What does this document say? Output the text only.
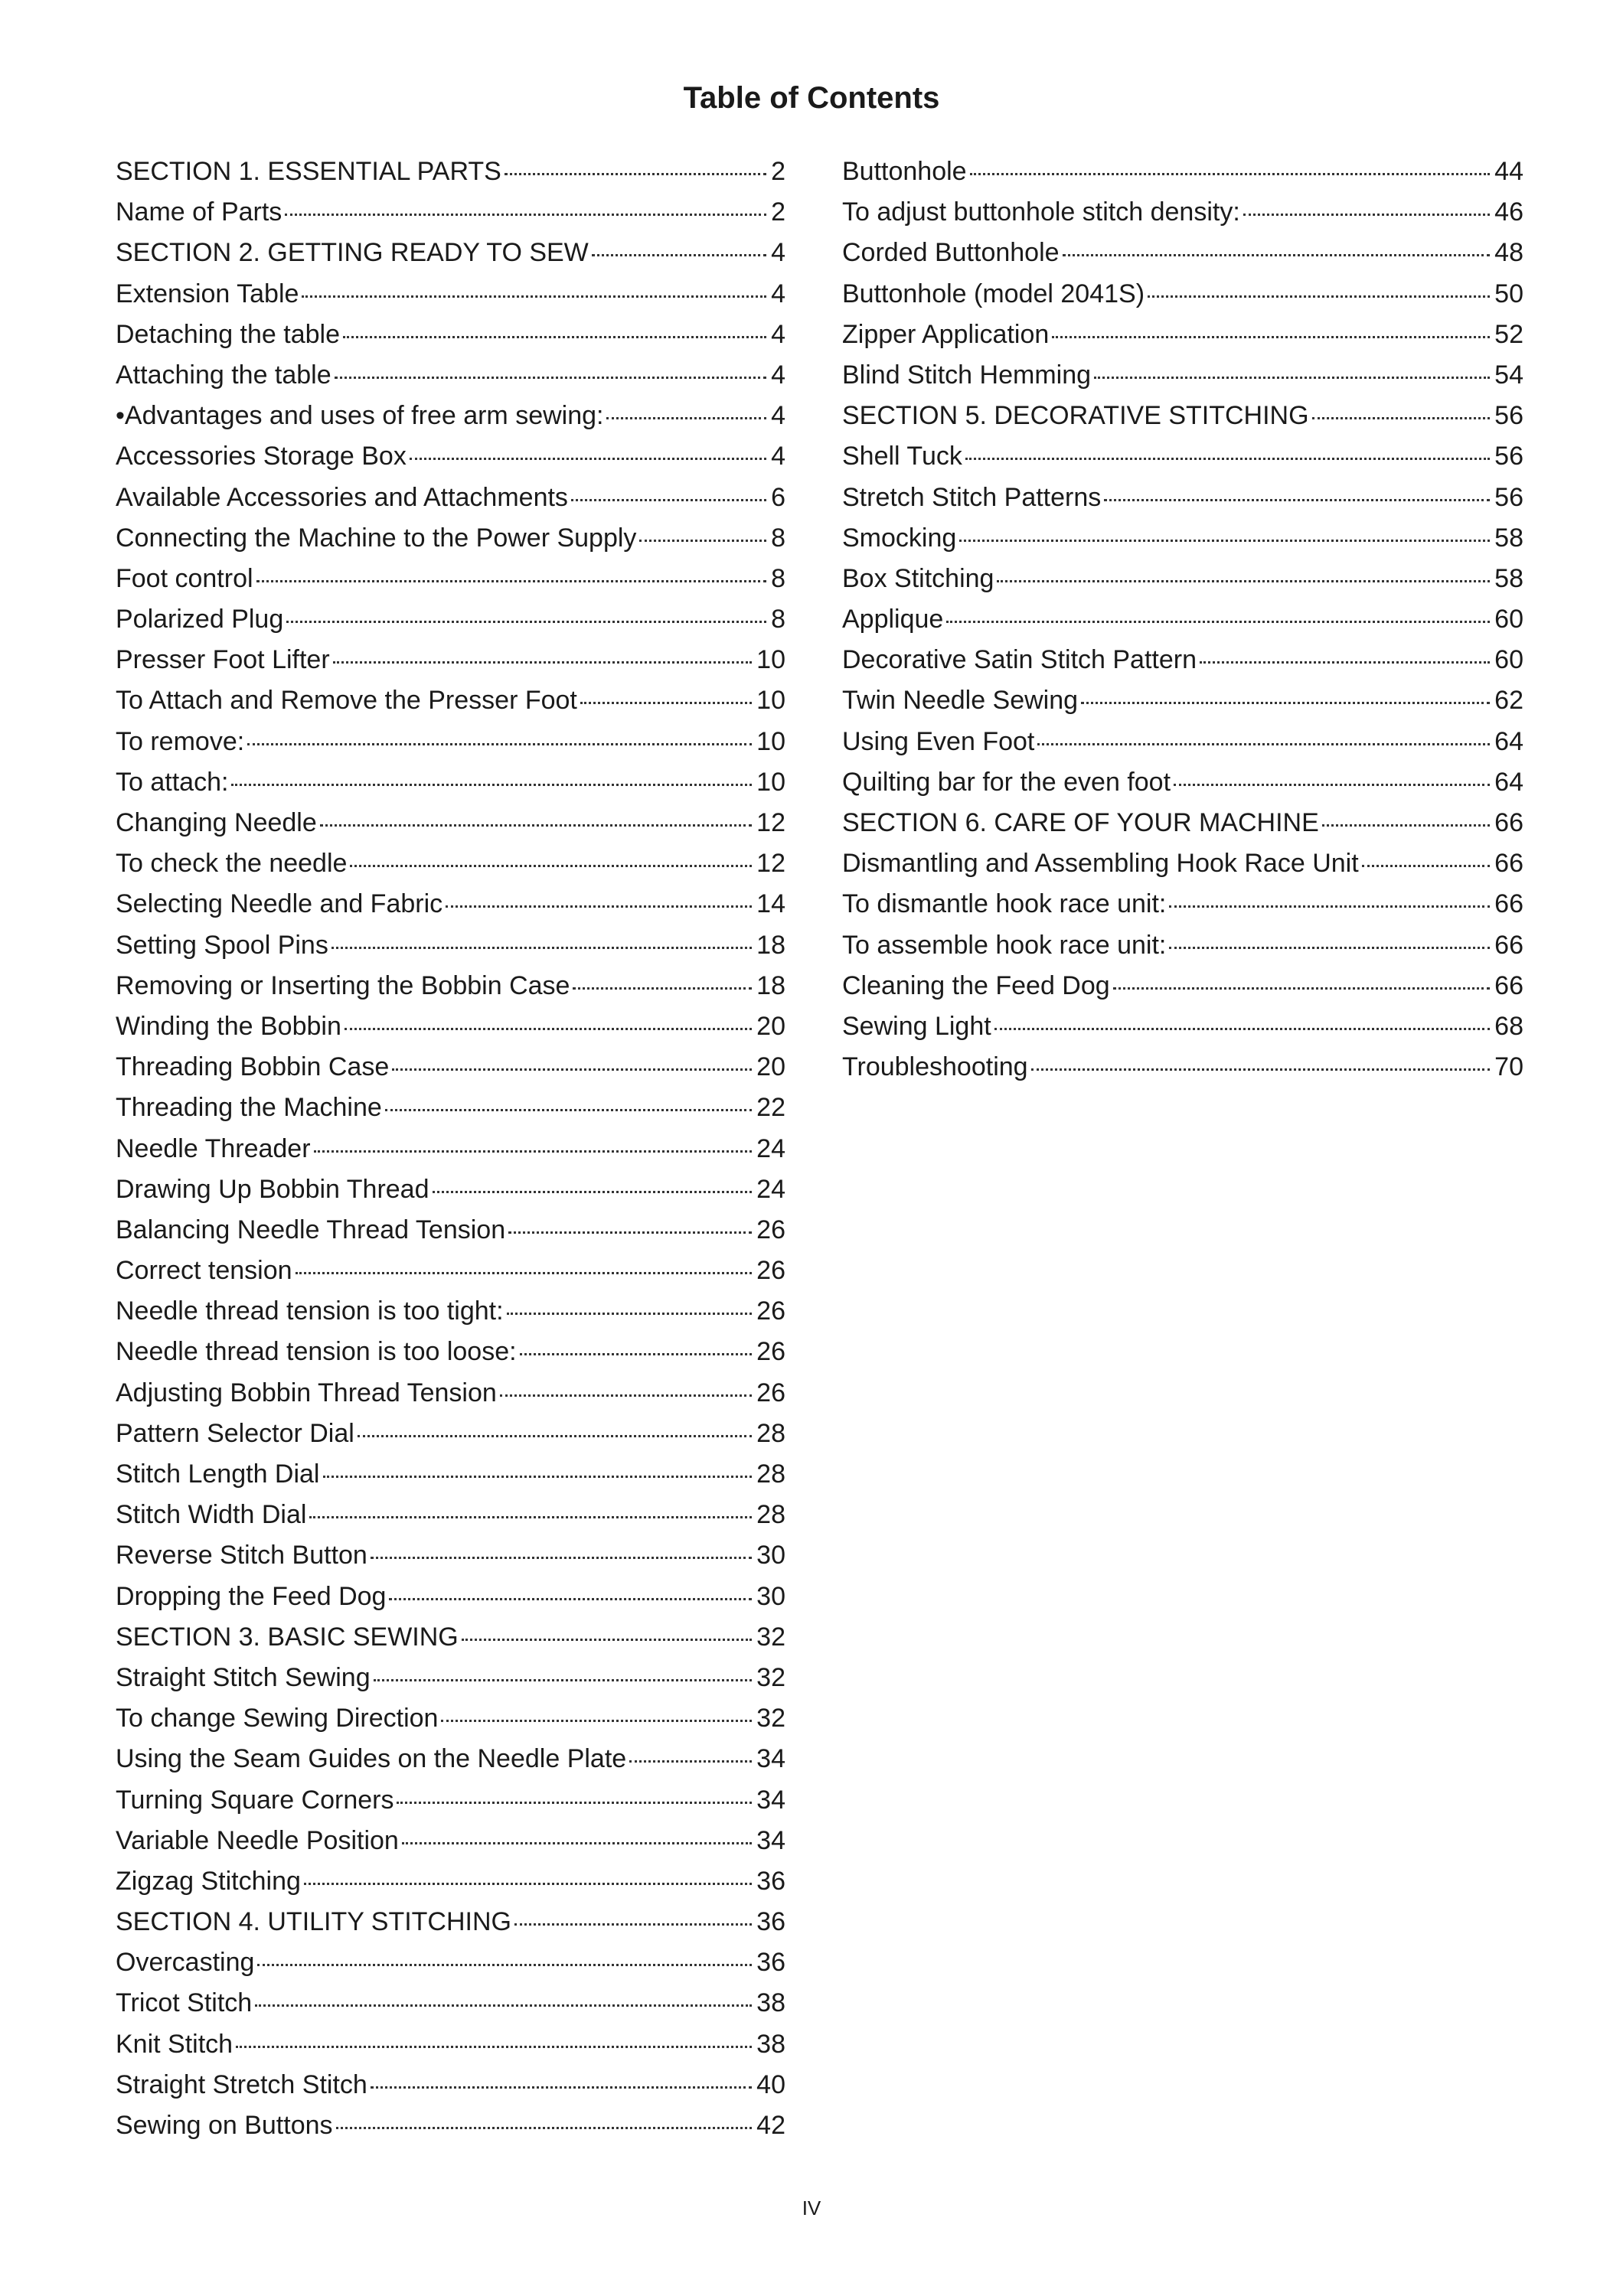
Table of Contents
SECTION 1. ESSENTIAL PARTS	2
Name of Parts	2
SECTION 2. GETTING READY TO SEW	4
Extension Table	4
Detaching the table	4
Attaching the table	4
•Advantages and uses of free arm sewing:	4
Accessories Storage Box	4
Available Accessories and Attachments	6
Connecting the Machine to the Power Supply	8
Foot control	8
Polarized Plug	8
Presser Foot Lifter	10
To Attach and Remove the Presser Foot	10
To remove:	10
To attach:	10
Changing Needle	12
To check the needle	12
Selecting Needle and Fabric	14
Setting Spool Pins	18
Removing or Inserting the Bobbin Case	18
Winding the Bobbin	20
Threading Bobbin Case	20
Threading the Machine	22
Needle Threader	24
Drawing Up Bobbin Thread	24
Balancing Needle Thread Tension	26
Correct tension	26
Needle thread tension is too tight:	26
Needle thread tension is too loose:	26
Adjusting Bobbin Thread Tension	26
Pattern Selector Dial	28
Stitch Length Dial	28
Stitch Width Dial	28
Reverse Stitch Button	30
Dropping the Feed Dog	30
SECTION 3. BASIC SEWING	32
Straight Stitch Sewing	32
To change Sewing Direction	32
Using the Seam Guides on the Needle Plate	34
Turning Square Corners	34
Variable Needle Position	34
Zigzag Stitching	36
SECTION 4. UTILITY STITCHING	36
Overcasting	36
Tricot Stitch	38
Knit Stitch	38
Straight Stretch Stitch	40
Sewing on Buttons	42
Buttonhole	44
To adjust buttonhole stitch density:	46
Corded Buttonhole	48
Buttonhole (model 2041S)	50
Zipper Application	52
Blind Stitch Hemming	54
SECTION 5. DECORATIVE STITCHING	56
Shell Tuck	56
Stretch Stitch Patterns	56
Smocking	58
Box Stitching	58
Applique	60
Decorative Satin Stitch Pattern	60
Twin Needle Sewing	62
Using Even Foot	64
Quilting bar for the even foot	64
SECTION 6. CARE OF YOUR MACHINE	66
Dismantling and Assembling Hook Race Unit	66
To dismantle hook race unit:	66
To assemble hook race unit:	66
Cleaning the Feed Dog	66
Sewing Light	68
Troubleshooting	70
IV
